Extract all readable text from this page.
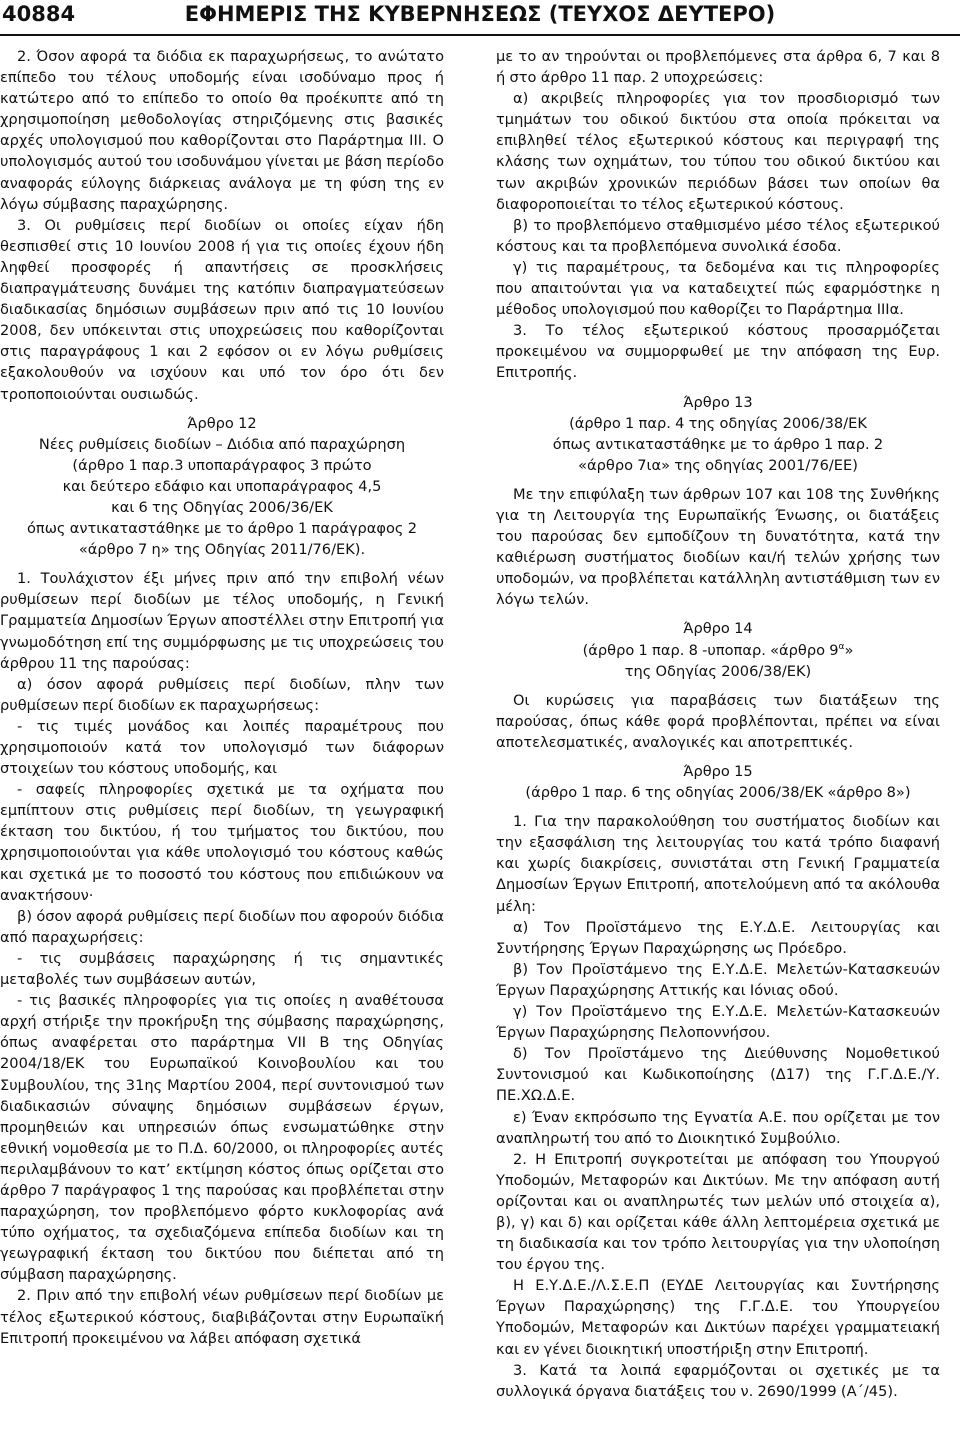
40884	ΕΦΗΜΕΡΙΣ ΤΗΣ ΚΥΒΕΡΝΗΣΕΩΣ (ΤΕΥΧΟΣ ΔΕΥΤΕΡΟ)

2. Όσον αφορά τα διόδια εκ παραχωρήσεως, το ανώτατο επίπεδο του τέλους υποδομής είναι ισοδύναμο προς ή κατώτερο από το επίπεδο το οποίο θα προέκυπτε από τη χρησιμοποίηση μεθοδολογίας στηριζόμενης στις βασικές αρχές υπολογισμού που καθορίζονται στο Παράρτημα ΙΙΙ. Ο υπολογισμός αυτού του ισοδυνάμου γίνεται με βάση περίοδο αναφοράς εύλογης διάρκειας ανάλογα με τη φύση της εν λόγω σύμβασης παραχώρησης.

3. Οι ρυθμίσεις περί διοδίων οι οποίες είχαν ήδη θεσπισθεί στις 10 Ιουνίου 2008 ή για τις οποίες έχουν ήδη ληφθεί προσφορές ή απαντήσεις σε προσκλήσεις διαπραγμάτευσης δυνάμει της κατόπιν διαπραγματεύσεων διαδικασίας δημόσιων συμβάσεων πριν από τις 10 Ιουνίου 2008, δεν υπόκεινται στις υποχρεώσεις που καθορίζονται στις παραγράφους 1 και 2 εφόσον οι εν λόγω ρυθμίσεις εξακολουθούν να ισχύουν και υπό τον όρο ότι δεν τροποποιούνται ουσιωδώς.

Άρθρο 12
Νέες ρυθμίσεις διοδίων – Διόδια από παραχώρηση
(άρθρο 1 παρ.3 υποπαράγραφος 3 πρώτο
και δεύτερο εδάφιο και υποπαράγραφος 4,5
και 6 της Οδηγίας 2006/36/ΕΚ
όπως αντικαταστάθηκε με το άρθρο 1 παράγραφος 2
«άρθρο 7 η» της Οδηγίας 2011/76/ΕΚ).

1. Τουλάχιστον έξι μήνες πριν από την επιβολή νέων ρυθμίσεων περί διοδίων με τέλος υποδομής, η Γενική Γραμματεία Δημοσίων Έργων αποστέλλει στην Επιτροπή για γνωμοδότηση επί της συμμόρφωσης με τις υποχρεώσεις του άρθρου 11 της παρούσας:

α) όσον αφορά ρυθμίσεις περί διοδίων, πλην των ρυθμίσεων περί διοδίων εκ παραχωρήσεως:

- τις τιμές μονάδος και λοιπές παραμέτρους που χρησιμοποιούν κατά τον υπολογισμό των διάφορων στοιχείων του κόστους υποδομής, και

- σαφείς πληροφορίες σχετικά με τα οχήματα που εμπίπτουν στις ρυθμίσεις περί διοδίων, τη γεωγραφική έκταση του δικτύου, ή του τμήματος του δικτύου, που χρησιμοποιούνται για κάθε υπολογισμό του κόστους καθώς και σχετικά με το ποσοστό του κόστους που επιδιώκουν να ανακτήσουν·

β) όσον αφορά ρυθμίσεις περί διοδίων που αφορούν διόδια από παραχωρήσεις:

- τις συμβάσεις παραχώρησης ή τις σημαντικές μεταβολές των συμβάσεων αυτών,

- τις βασικές πληροφορίες για τις οποίες η αναθέτουσα αρχή στήριξε την προκήρυξη της σύμβασης παραχώρησης, όπως αναφέρεται στο παράρτημα VII B της Οδηγίας 2004/18/ΕΚ του Ευρωπαϊκού Κοινοβουλίου και του Συμβουλίου, της 31ης Μαρτίου 2004, περί συντονισμού των διαδικασιών σύναψης δημόσιων συμβάσεων έργων, προμηθειών και υπηρεσιών όπως ενσωματώθηκε στην εθνική νομοθεσία με το Π.Δ. 60/2000, οι πληροφορίες αυτές περιλαμβάνουν το κατ’ εκτίμηση κόστος όπως ορίζεται στο άρθρο 7 παράγραφος 1 της παρούσας και προβλέπεται στην παραχώρηση, τον προβλεπόμενο φόρτο κυκλοφορίας ανά τύπο οχήματος, τα σχεδιαζόμενα επίπεδα διοδίων και τη γεωγραφική έκταση του δικτύου που διέπεται από τη σύμβαση παραχώρησης.

2. Πριν από την επιβολή νέων ρυθμίσεων περί διοδίων με τέλος εξωτερικού κόστους, διαβιβάζονται στην Ευρωπαϊκή Επιτροπή προκειμένου να λάβει απόφαση σχετικά

με το αν τηρούνται οι προβλεπόμενες στα άρθρα 6, 7 και 8 ή στο άρθρο 11 παρ. 2 υποχρεώσεις:

α) ακριβείς πληροφορίες για τον προσδιορισμό των τμημάτων του οδικού δικτύου στα οποία πρόκειται να επιβληθεί τέλος εξωτερικού κόστους και περιγραφή της κλάσης των οχημάτων, του τύπου του οδικού δικτύου και των ακριβών χρονικών περιόδων βάσει των οποίων θα διαφοροποιείται το τέλος εξωτερικού κόστους.

β) το προβλεπόμενο σταθμισμένο μέσο τέλος εξωτερικού κόστους και τα προβλεπόμενα συνολικά έσοδα.

γ) τις παραμέτρους, τα δεδομένα και τις πληροφορίες που απαιτούνται για να καταδειχτεί πώς εφαρμόστηκε η μέθοδος υπολογισμού που καθορίζει το Παράρτημα ΙΙΙα.

3. Το τέλος εξωτερικού κόστους προσαρμόζεται προκειμένου να συμμορφωθεί με την απόφαση της Ευρ. Επιτροπής.

Άρθρο 13
(άρθρο 1 παρ. 4 της οδηγίας 2006/38/ΕΚ
όπως αντικαταστάθηκε με το άρθρο 1 παρ. 2
«άρθρο 7ια» της οδηγίας 2001/76/ΕΕ)

Με την επιφύλαξη των άρθρων 107 και 108 της Συνθήκης για τη Λειτουργία της Ευρωπαϊκής Ένωσης, οι διατάξεις του παρούσας δεν εμποδίζουν τη δυνατότητα, κατά την καθιέρωση συστήματος διοδίων και/ή τελών χρήσης των υποδομών, να προβλέπεται κατάλληλη αντιστάθμιση των εν λόγω τελών.

Άρθρο 14
(άρθρο 1 παρ. 8 -υποπαρ. «άρθρο $9^\alpha$»
της Οδηγίας 2006/38/ΕΚ)

Οι κυρώσεις για παραβάσεις των διατάξεων της παρούσας, όπως κάθε φορά προβλέπονται, πρέπει να είναι αποτελεσματικές, αναλογικές και αποτρεπτικές.

Άρθρο 15
(άρθρο 1 παρ. 6 της οδηγίας 2006/38/ΕΚ «άρθρο 8»)

1. Για την παρακολούθηση του συστήματος διοδίων και την εξασφάλιση της λειτουργίας του κατά τρόπο διαφανή και χωρίς διακρίσεις, συνιστάται στη Γενική Γραμματεία Δημοσίων Έργων Επιτροπή, αποτελούμενη από τα ακόλουθα μέλη:

α) Τον Προϊστάμενο της Ε.Υ.Δ.Ε. Λειτουργίας και Συντήρησης Έργων Παραχώρησης ως Πρόεδρο.

β) Τον Προϊστάμενο της Ε.Υ.Δ.Ε. Μελετών-Κατασκευών Έργων Παραχώρησης Αττικής και Ιόνιας οδού.

γ) Τον Προϊστάμενο της Ε.Υ.Δ.Ε. Μελετών-Κατασκευών Έργων Παραχώρησης Πελοποννήσου.

δ) Τον Προϊστάμενο της Διεύθυνσης Νομοθετικού Συντονισμού και Κωδικοποίησης (Δ17) της Γ.Γ.Δ.Ε./Υ. ΠΕ.ΧΩ.Δ.Ε.

ε) Έναν εκπρόσωπο της Εγνατία Α.Ε. που ορίζεται με τον αναπληρωτή του από το Διοικητικό Συμβούλιο.

2. Η Επιτροπή συγκροτείται με απόφαση του Υπουργού Υποδομών, Μεταφορών και Δικτύων. Με την απόφαση αυτή ορίζονται και οι αναπληρωτές των μελών υπό στοιχεία α), β), γ) και δ) και ορίζεται κάθε άλλη λεπτομέρεια σχετικά με τη διαδικασία και τον τρόπο λειτουργίας για την υλοποίηση του έργου της.

Η Ε.Υ.Δ.Ε./Λ.Σ.Ε.Π (ΕΥΔΕ Λειτουργίας και Συντήρησης Έργων Παραχώρησης) της Γ.Γ.Δ.Ε. του Υπουργείου Υποδομών, Μεταφορών και Δικτύων παρέχει γραμματειακή και εν γένει διοικητική υποστήριξη στην Επιτροπή.

3. Κατά τα λοιπά εφαρμόζονται οι σχετικές με τα συλλογικά όργανα διατάξεις του ν. 2690/1999 (Α΄/45).
